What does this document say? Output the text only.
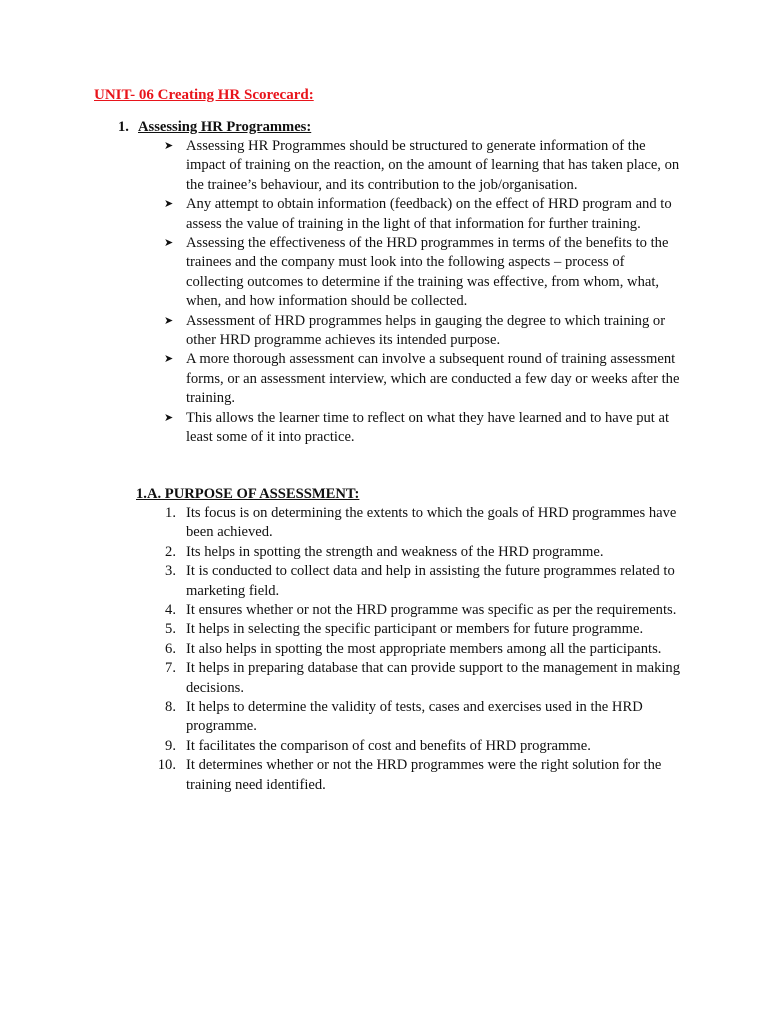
UNIT- 06 Creating HR Scorecard:
1. Assessing HR Programmes:
➤ Assessing HR Programmes should be structured to generate information of the impact of training on the reaction, on the amount of learning that has taken place, on the trainee’s behaviour, and its contribution to the job/organisation.
➤ Any attempt to obtain information (feedback) on the effect of HRD program and to assess the value of training in the light of that information for further training.
➤ Assessing the effectiveness of the HRD programmes in terms of the benefits to the trainees and the company must look into the following aspects – process of collecting outcomes to determine if the training was effective, from whom, what, when, and how information should be collected.
➤ Assessment of HRD programmes helps in gauging the degree to which training or other HRD programme achieves its intended purpose.
➤ A more thorough assessment can involve a subsequent round of training assessment forms, or an assessment interview, which are conducted a few day or weeks after the training.
➤ This allows the learner time to reflect on what they have learned and to have put at least some of it into practice.
1.A. PURPOSE OF ASSESSMENT:
1. Its focus is on determining the extents to which the goals of HRD programmes have been achieved.
2. Its helps in spotting the strength and weakness of the HRD programme.
3. It is conducted to collect data and help in assisting the future programmes related to marketing field.
4. It ensures whether or not the HRD programme was specific as per the requirements.
5. It helps in selecting the specific participant or members for future programme.
6. It also helps in spotting the most appropriate members among all the participants.
7. It helps in preparing database that can provide support to the management in making decisions.
8. It helps to determine the validity of tests, cases and exercises used in the HRD programme.
9. It facilitates the comparison of cost and benefits of HRD programme.
10. It determines whether or not the HRD programmes were the right solution for the training need identified.
